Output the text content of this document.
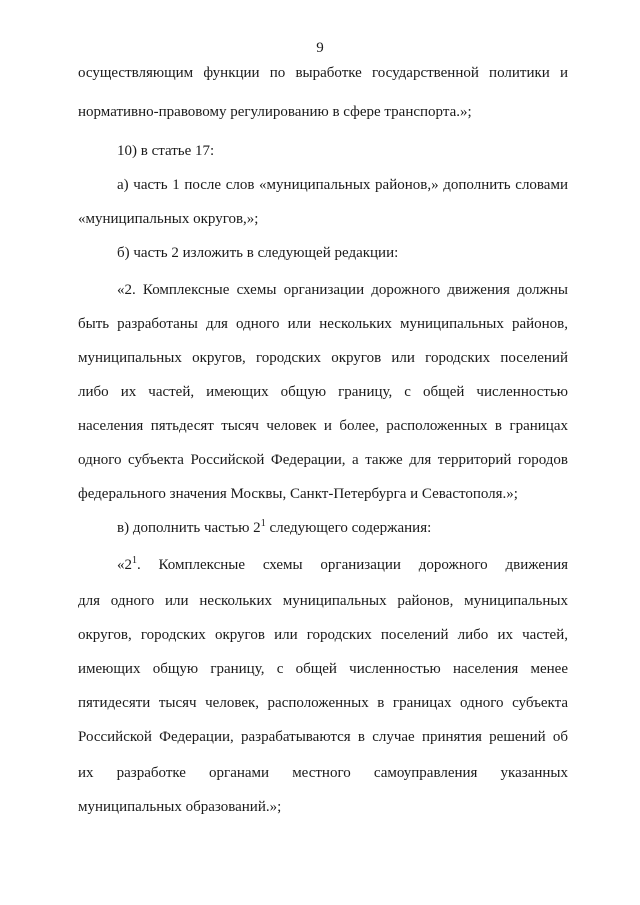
9
осуществляющим функции по выработке государственной политики и
нормативно-правовому регулированию в сфере транспорта.»;
10) в статье 17:
а) часть 1 после слов «муниципальных районов,» дополнить словами
«муниципальных округов,»;
б) часть 2 изложить в следующей редакции:
«2. Комплексные схемы организации дорожного движения должны
быть разработаны для одного или нескольких муниципальных районов,
муниципальных округов, городских округов или городских поселений
либо их частей, имеющих общую границу, с общей численностью
населения пятьдесят тысяч человек и более, расположенных в границах
одного субъекта Российской Федерации, а также для территорий городов
федерального значения Москвы, Санкт-Петербурга и Севастополя.»;
в) дополнить частью $2^1$ следующего содержания:
«$2^1$. Комплексные схемы организации дорожного движения
для одного или нескольких муниципальных районов, муниципальных
округов, городских округов или городских поселений либо их частей,
имеющих общую границу, с общей численностью населения менее
пятидесяти тысяч человек, расположенных в границах одного субъекта
Российской Федерации, разрабатываются в случае принятия решений об
их разработке органами местного самоуправления указанных
муниципальных образований.»;
